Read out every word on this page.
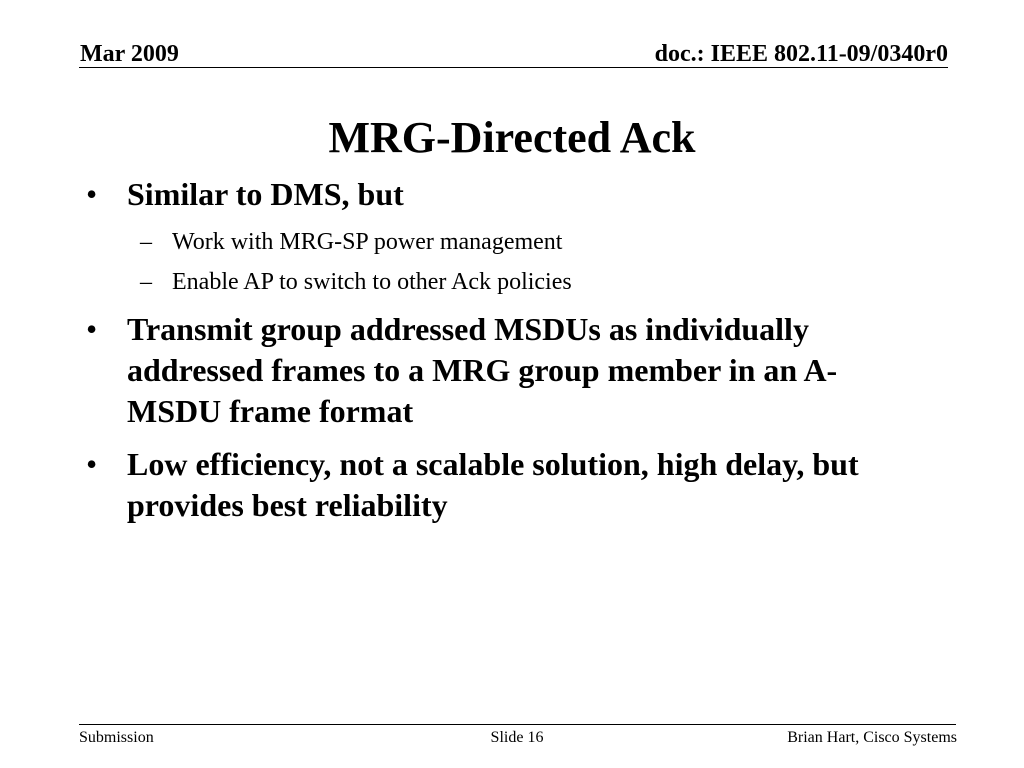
Mar 2009	doc.: IEEE 802.11-09/0340r0
MRG-Directed Ack
• Similar to DMS, but
– Work with MRG-SP power management
– Enable AP to switch to other Ack policies
• Transmit group addressed MSDUs as individually addressed frames to a MRG group member in an A-MSDU frame format
• Low efficiency, not a scalable solution, high delay, but provides best reliability
Submission	Slide 16	Brian Hart, Cisco Systems
